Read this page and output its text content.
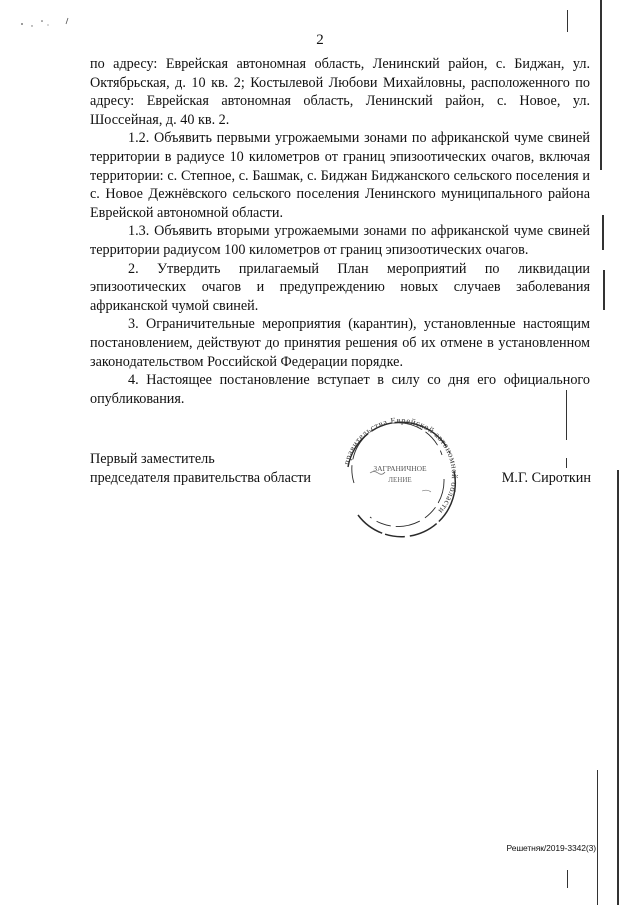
2

по адресу: Еврейская автономная область, Ленинский район, с. Биджан, ул. Октябрьская, д. 10 кв. 2; Костылевой Любови Михайловны, расположенного по адресу: Еврейская автономная область, Ленинский район, с. Новое, ул. Шоссейная, д. 40 кв. 2.

1.2. Объявить первыми угрожаемыми зонами по африканской чуме свиней территории в радиусе 10 километров от границ эпизоотических очагов, включая территории: с. Степное, с. Башмак, с. Биджан Биджанского сельского поселения и с. Новое Дежнёвского сельского поселения Ленинского муниципального района Еврейской автономной области.

1.3. Объявить вторыми угрожаемыми зонами по африканской чуме свиней территории радиусом 100 километров от границ эпизоотических очагов.

2. Утвердить прилагаемый План мероприятий по ликвидации эпизоотических очагов и предупреждению новых случаев заболевания африканской чумой свиней.

3. Ограничительные мероприятия (карантин), установленные настоящим постановлением, действуют до принятия решения об их отмене в установленном законодательством Российской Федерации порядке.

4. Настоящее постановление вступает в силу со дня его официального опубликования.

Первый заместитель
председателя правительства области	М.Г. Сироткин
правительства Еврейской автономной области
ЗАГРАНИЧНОЕ
ЛЕНИЕ
Решетняк/2019-3342(3)
